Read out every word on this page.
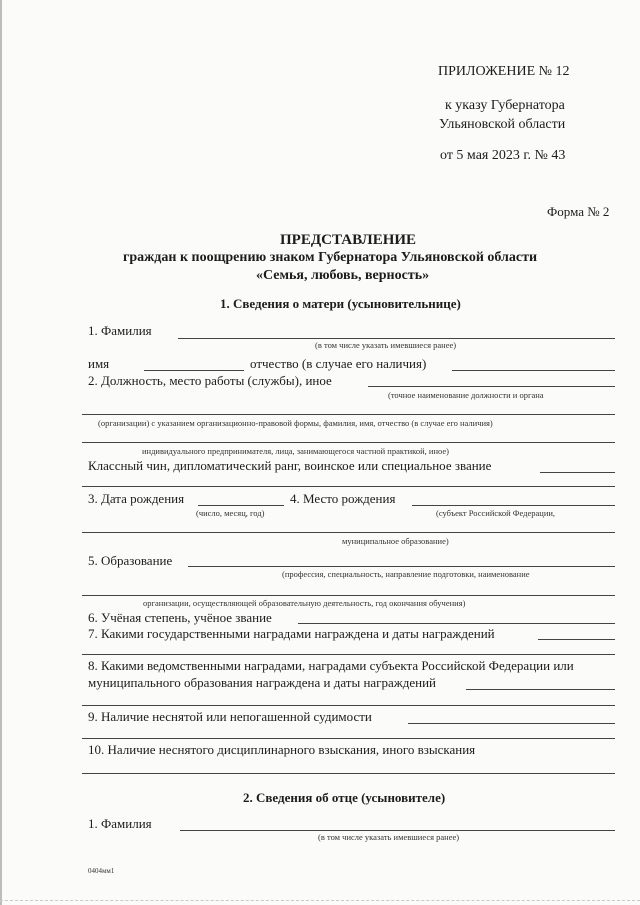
ПРИЛОЖЕНИЕ № 12
к указу Губернатора
Ульяновской области
от 5 мая 2023 г. № 43
Форма № 2
ПРЕДСТАВЛЕНИЕ
граждан к поощрению знаком Губернатора Ульяновской области
«Семья, любовь, верность»
1. Сведения о матери (усыновительнице)
1. Фамилия
(в том числе указать имевшиеся ранее)
имя	отчество (в случае его наличия)
2. Должность, место работы (службы), иное
(точное наименование должности и органа
(организации) с указанием организационно-правовой формы, фамилия, имя, отчество (в случае его наличия)
индивидуального предпринимателя, лица, занимающегося частной практикой, иное)
Классный чин, дипломатический ранг, воинское или специальное звание
3. Дата рождения
(число, месяц, год)
4. Место рождения
(субъект Российской Федерации,
муниципальное образование)
5. Образование
(профессия, специальность, направление подготовки, наименование
организации, осуществляющей образовательную деятельность, год окончания обучения)
6. Учёная степень, учёное звание
7. Какими государственными наградами награждена и даты награждений
8. Какими ведомственными наградами, наградами субъекта Российской Федерации или
муниципального образования награждена и даты награждений
9. Наличие неснятой или непогашенной судимости
10. Наличие неснятого дисциплинарного взыскания, иного взыскания
2. Сведения об отце (усыновителе)
1. Фамилия
(в том числе указать имевшиеся ранее)
0404мм1
